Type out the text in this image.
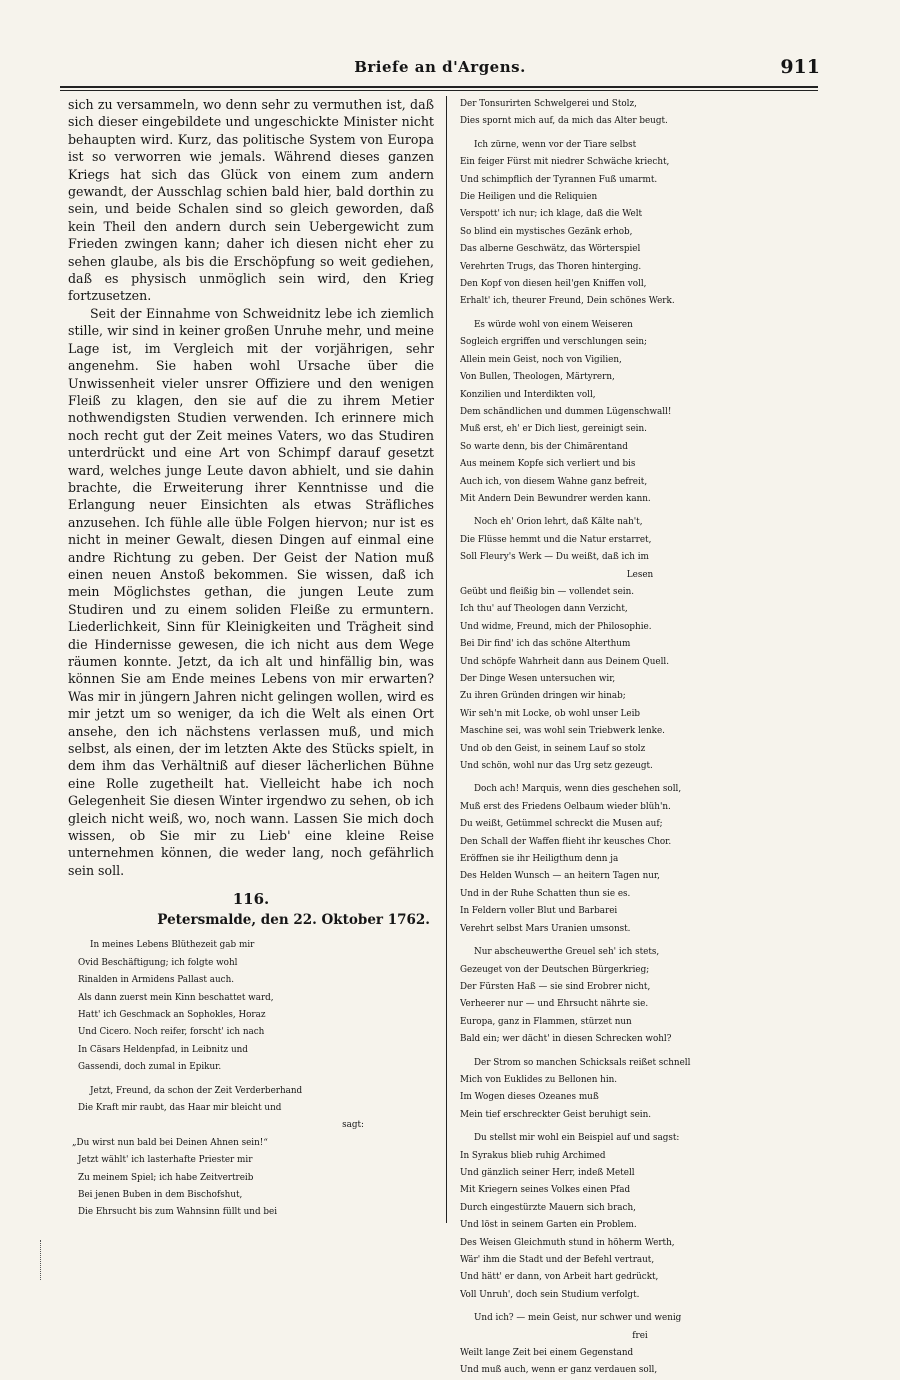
Briefe an d'Argens.	911

sich zu versammeln, wo denn sehr zu vermuthen ist, daß sich dieser eingebildete und ungeschickte Minister nicht behaupten wird. Kurz, das politische System von Europa ist so verworren wie jemals. Während dieses ganzen Kriegs hat sich das Glück von einem zum andern gewandt, der Ausschlag schien bald hier, bald dorthin zu sein, und beide Schalen sind so gleich geworden, daß kein Theil den andern durch sein Uebergewicht zum Frieden zwingen kann; daher ich diesen nicht eher zu sehen glaube, als bis die Erschöpfung so weit gediehen, daß es physisch unmöglich sein wird, den Krieg fortzusetzen.

Seit der Einnahme von Schweidnitz lebe ich ziemlich stille, wir sind in keiner großen Unruhe mehr, und meine Lage ist, im Vergleich mit der vorjährigen, sehr angenehm. Sie haben wohl Ursache über die Unwissenheit vieler unsrer Offiziere und den wenigen Fleiß zu klagen, den sie auf die zu ihrem Metier nothwendigsten Studien verwenden. Ich erinnere mich noch recht gut der Zeit meines Vaters, wo das Studiren unterdrückt und eine Art von Schimpf darauf gesetzt ward, welches junge Leute davon abhielt, und sie dahin brachte, die Erweiterung ihrer Kenntnisse und die Erlangung neuer Einsichten als etwas Sträfliches anzusehen. Ich fühle alle üble Folgen hiervon; nur ist es nicht in meiner Gewalt, diesen Dingen auf einmal eine andre Richtung zu geben. Der Geist der Nation muß einen neuen Anstoß bekommen. Sie wissen, daß ich mein Möglichstes gethan, die jungen Leute zum Studiren und zu einem soliden Fleiße zu ermuntern. Liederlichkeit, Sinn für Kleinigkeiten und Trägheit sind die Hindernisse gewesen, die ich nicht aus dem Wege räumen konnte. Jetzt, da ich alt und hinfällig bin, was können Sie am Ende meines Lebens von mir erwarten? Was mir in jüngern Jahren nicht gelingen wollen, wird es mir jetzt um so weniger, da ich die Welt als einen Ort ansehe, den ich nächstens verlassen muß, und mich selbst, als einen, der im letzten Akte des Stücks spielt, in dem ihm das Verhältniß auf dieser lächerlichen Bühne eine Rolle zugetheilt hat. Vielleicht habe ich noch Gelegenheit Sie diesen Winter irgendwo zu sehen, ob ich gleich nicht weiß, wo, noch wann. Lassen Sie mich doch wissen, ob Sie mir zu Lieb' eine kleine Reise unternehmen können, die weder lang, noch gefährlich sein soll.

116.
Petersmalde, den 22. Oktober 1762.
In meines Lebens Blüthezeit gab mir
Ovid Beschäftigung; ich folgte wohl
Rinalden in Armidens Pallast auch.
Als dann zuerst mein Kinn beschattet ward,
Hatt' ich Geschmack an Sophokles, Horaz
Und Cicero. Noch reifer, forscht' ich nach
In Cäsars Heldenpfad, in Leibnitz und
Gassendi, doch zumal in Epikur.
Jetzt, Freund, da schon der Zeit Verderberhand
Die Kraft mir raubt, das Haar mir bleicht und
sagt:
„Du wirst nun bald bei Deinen Ahnen sein!“
Jetzt wählt' ich lasterhafte Priester mir
Zu meinem Spiel; ich habe Zeitvertreib
Bei jenen Buben in dem Bischofshut,
Die Ehrsucht bis zum Wahnsinn füllt und bei
Der Tonsurirten Schwelgerei und Stolz,
Dies spornt mich auf, da mich das Alter beugt.
Ich zürne, wenn vor der Tiare selbst
Ein feiger Fürst mit niedrer Schwäche kriecht,
Und schimpflich der Tyrannen Fuß umarmt.
Die Heiligen und die Reliquien
Verspott' ich nur; ich klage, daß die Welt
So blind ein mystisches Gezänk erhob,
Das alberne Geschwätz, das Wörterspiel
Verehrten Trugs, das Thoren hinterging.
Den Kopf von diesen heil'gen Kniffen voll,
Erhalt' ich, theurer Freund, Dein schönes Werk.
Es würde wohl von einem Weiseren
Sogleich ergriffen und verschlungen sein;
Allein mein Geist, noch von Vigilien,
Von Bullen, Theologen, Märtyrern,
Konzilien und Interdikten voll,
Dem schändlichen und dummen Lügenschwall!
Muß erst, eh' er Dich liest, gereinigt sein.
So warte denn, bis der Chimärentand
Aus meinem Kopfe sich verliert und bis
Auch ich, von diesem Wahne ganz befreit,
Mit Andern Dein Bewundrer werden kann.
Noch eh' Orion lehrt, daß Kälte nah't,
Die Flüsse hemmt und die Natur erstarret,
Soll Fleury's Werk — Du weißt, daß ich im
Lesen
Geübt und fleißig bin — vollendet sein.
Ich thu' auf Theologen dann Verzicht,
Und widme, Freund, mich der Philosophie.
Bei Dir find' ich das schöne Alterthum
Und schöpfe Wahrheit dann aus Deinem Quell.
Der Dinge Wesen untersuchen wir,
Zu ihren Gründen dringen wir hinab;
Wir seh'n mit Locke, ob wohl unser Leib
Maschine sei, was wohl sein Triebwerk lenke.
Und ob den Geist, in seinem Lauf so stolz
Und schön, wohl nur das Urg setz gezeugt.
Doch ach! Marquis, wenn dies geschehen soll,
Muß erst des Friedens Oelbaum wieder blüh'n.
Du weißt, Getümmel schreckt die Musen auf;
Den Schall der Waffen flieht ihr keusches Chor.
Eröffnen sie ihr Heiligthum denn ja
Des Helden Wunsch — an heitern Tagen nur,
Und in der Ruhe Schatten thun sie es.
In Feldern voller Blut und Barbarei
Verehrt selbst Mars Uranien umsonst.
Nur abscheuwerthe Greuel seh' ich stets,
Gezeuget von der Deutschen Bürgerkrieg;
Der Fürsten Haß — sie sind Erobrer nicht,
Verheerer nur — und Ehrsucht nährte sie.
Europa, ganz in Flammen, stürzet nun
Bald ein; wer dächt' in diesen Schrecken wohl?
Der Strom so manchen Schicksals reißet schnell
Mich von Euklides zu Bellonen hin.
Im Wogen dieses Ozeanes muß
Mein tief erschreckter Geist beruhigt sein.
Du stellst mir wohl ein Beispiel auf und sagst:
In Syrakus blieb ruhig Archimed
Und gänzlich seiner Herr, indeß Metell
Mit Kriegern seines Volkes einen Pfad
Durch eingestürzte Mauern sich brach,
Und löst in seinem Garten ein Problem.
Des Weisen Gleichmuth stund in höherm Werth,
Wär' ihm die Stadt und der Befehl vertraut,
Und hätt' er dann, von Arbeit hart gedrückt,
Voll Unruh', doch sein Studium verfolgt.
Und ich? — mein Geist, nur schwer und wenig
frei
Weilt lange Zeit bei einem Gegenstand
Und muß auch, wenn er ganz verdauen soll,
